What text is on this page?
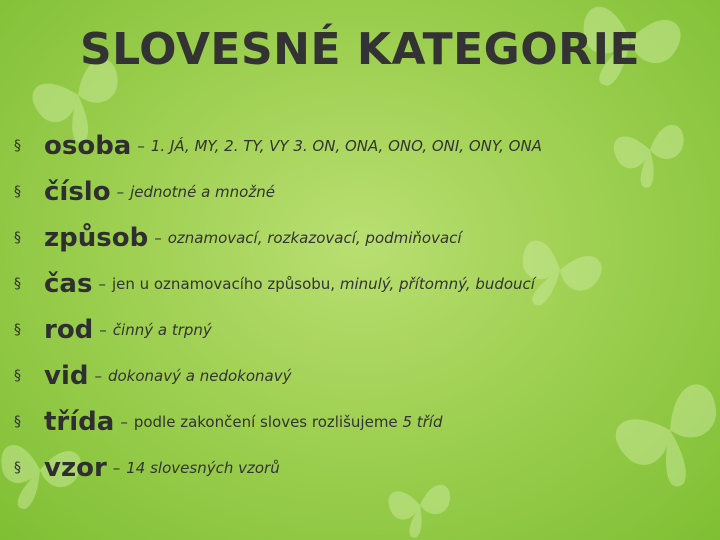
SLOVESNÉ KATEGORIE
§ osoba – 1. JÁ, MY, 2. TY, VY 3. ON, ONA, ONO, ONI, ONY, ONA
§ číslo – jednotné a množné
§ způsob – oznamovací, rozkazovací, podmiňovací
§ čas – jen u oznamovacího způsobu, minulý, přítomný, budoucí
§ rod – činný a trpný
§ vid – dokonavý a nedokonavý
§ třída – podle zakončení sloves rozlišujeme 5 tříd
§ vzor – 14 slovesných vzorů
